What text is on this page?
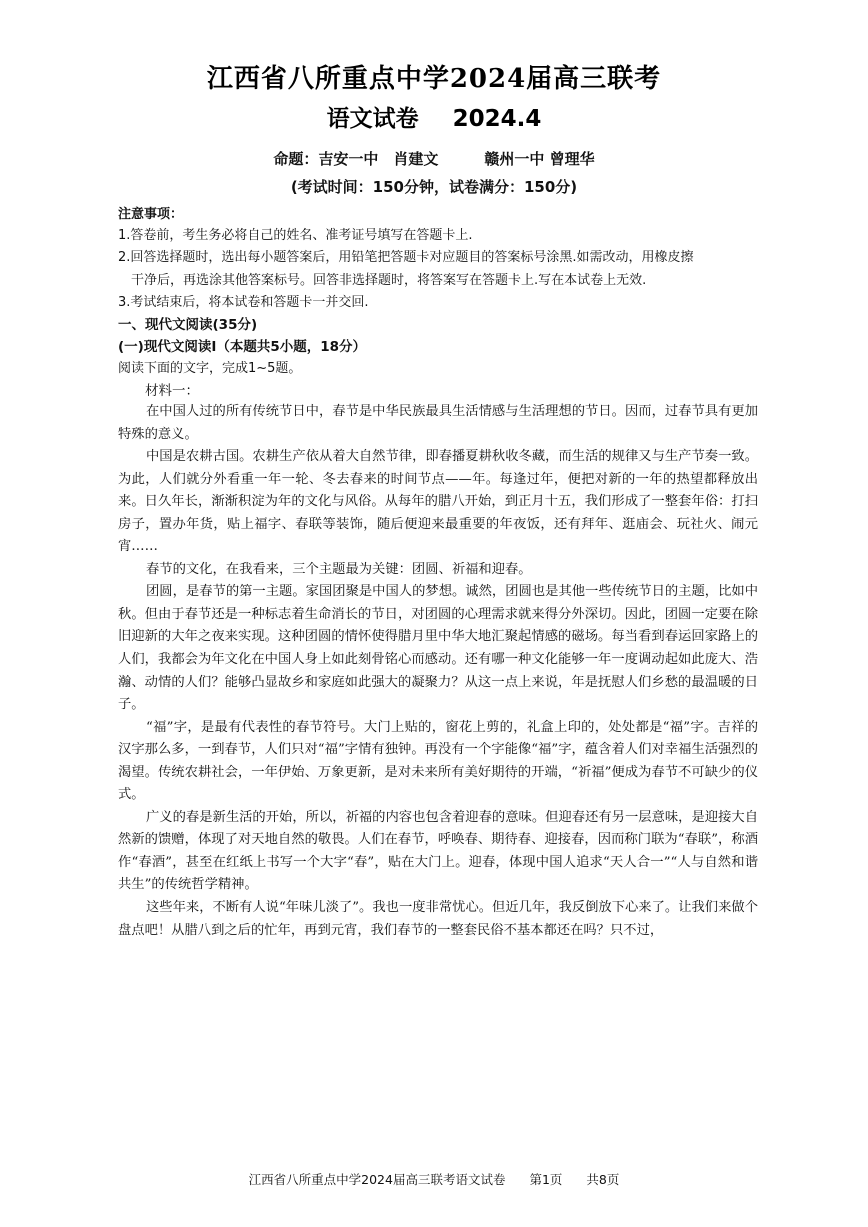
江西省八所重点中学2024届高三联考
语文试卷 2024.4
命题：吉安一中　肖建文	赣州一中 曾理华
(考试时间：150分钟，试卷满分：150分)
注意事项：
1.答卷前，考生务必将自己的姓名、准考证号填写在答题卡上.
2.回答选择题时，选出每小题答案后，用铅笔把答题卡对应题目的答案标号涂黑.如需改动，用橡皮擦
干净后，再选涂其他答案标号。回答非选择题时，将答案写在答题卡上.写在本试卷上无效.
3.考试结束后，将本试卷和答题卡一并交回.
一、现代文阅读(35分)
(一)现代文阅读Ⅰ（本题共5小题，18分）
阅读下面的文字，完成1~5题。
材料一：

在中国人过的所有传统节日中，春节是中华民族最具生活情感与生活理想的节日。因而，过春节具有更加特殊的意义。

中国是农耕古国。农耕生产依从着大自然节律，即春播夏耕秋收冬藏，而生活的规律又与生产节奏一致。为此，人们就分外看重一年一轮、冬去春来的时间节点——年。每逢过年，便把对新的一年的热望都释放出来。日久年长，渐渐积淀为年的文化与风俗。从每年的腊八开始，到正月十五，我们形成了一整套年俗：打扫房子，置办年货，贴上福字、春联等装饰，随后便迎来最重要的年夜饭，还有拜年、逛庙会、玩社火、闹元宵……

春节的文化，在我看来，三个主题最为关键：团圆、祈福和迎春。

团圆，是春节的第一主题。家国团聚是中国人的梦想。诚然，团圆也是其他一些传统节日的主题，比如中秋。但由于春节还是一种标志着生命消长的节日，对团圆的心理需求就来得分外深切。因此，团圆一定要在除旧迎新的大年之夜来实现。这种团圆的情怀使得腊月里中华大地汇聚起情感的磁场。每当看到春运回家路上的人们，我都会为年文化在中国人身上如此刻骨铭心而感动。还有哪一种文化能够一年一度调动起如此庞大、浩瀚、动情的人们？能够凸显故乡和家庭如此强大的凝聚力？从这一点上来说，年是抚慰人们乡愁的最温暖的日子。

“福”字，是最有代表性的春节符号。大门上贴的，窗花上剪的，礼盒上印的，处处都是“福”字。吉祥的汉字那么多，一到春节，人们只对“福”字情有独钟。再没有一个字能像“福”字，蕴含着人们对幸福生活强烈的渴望。传统农耕社会，一年伊始、万象更新，是对未来所有美好期待的开端，“祈福”便成为春节不可缺少的仪式。

广义的春是新生活的开始，所以，祈福的内容也包含着迎春的意味。但迎春还有另一层意味，是迎接大自然新的馈赠，体现了对天地自然的敬畏。人们在春节，呼唤春、期待春、迎接春，因而称门联为“春联”，称酒作“春酒”，甚至在红纸上书写一个大字“春”，贴在大门上。迎春，体现中国人追求“天人合一”“人与自然和谐共生”的传统哲学精神。

这些年来，不断有人说“年味儿淡了”。我也一度非常忧心。但近几年，我反倒放下心来了。让我们来做个盘点吧！从腊八到之后的忙年，再到元宵，我们春节的一整套民俗不基本都还在吗？只不过，

江西省八所重点中学2024届高三联考语文试卷 第1页 共8页
